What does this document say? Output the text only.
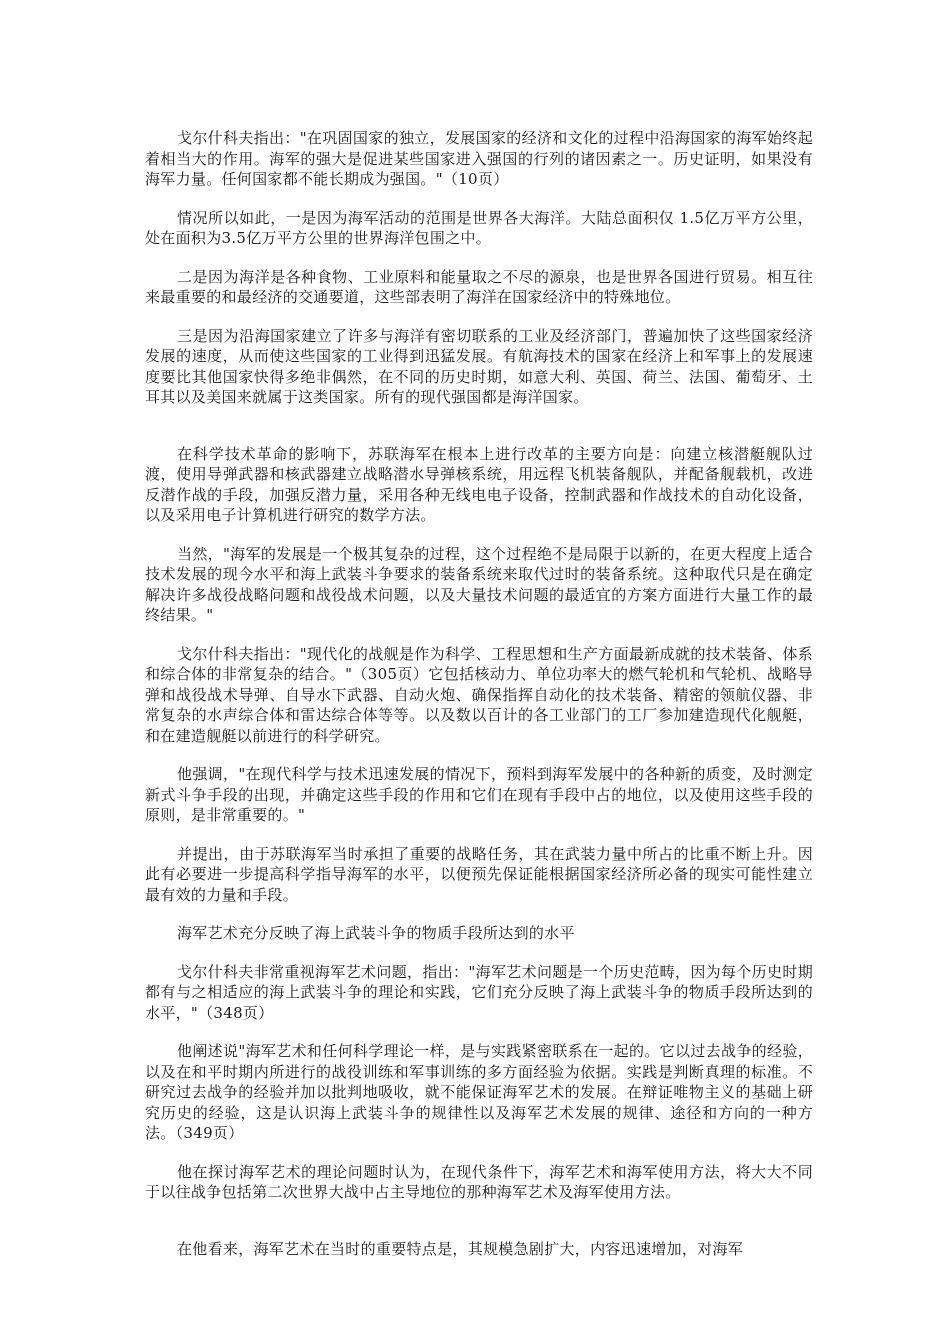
戈尔什科夫指出："在巩固国家的独立，发展国家的经济和文化的过程中沿海国家的海军始终起着相当大的作用。海军的强大是促进某些国家进入强国的行列的诸因素之一。历史证明，如果没有海军力量。任何国家都不能长期成为强国。"（10页）

情况所以如此，一是因为海军活动的范围是世界各大海洋。大陆总面积仅 1.5亿万平方公里，处在面积为3.5亿万平方公里的世界海洋包围之中。

二是因为海洋是各种食物、工业原料和能量取之不尽的源泉，也是世界各国进行贸易。相互往来最重要的和最经济的交通要道，这些部表明了海洋在国家经济中的特殊地位。

三是因为沿海国家建立了许多与海洋有密切联系的工业及经济部门，普遍加快了这些国家经济发展的速度，从而使这些国家的工业得到迅猛发展。有航海技术的国家在经济上和军事上的发展速度要比其他国家快得多绝非偶然，在不同的历史时期，如意大利、英国、荷兰、法国、葡萄牙、土耳其以及美国来就属于这类国家。所有的现代强国都是海洋国家。

在科学技术革命的影响下，苏联海军在根本上进行改革的主要方向是：向建立核潜艇舰队过渡，使用导弹武器和核武器建立战略潜水导弹核系统，用远程飞机装备舰队，并配备舰载机，改进反潜作战的手段，加强反潜力量，采用各种无线电电子设备，控制武器和作战技术的自动化设备，以及采用电子计算机进行研究的数学方法。

当然，"海军的发展是一个极其复杂的过程，这个过程绝不是局限于以新的，在更大程度上适合技术发展的现今水平和海上武装斗争要求的装备系统来取代过时的装备系统。这种取代只是在确定解决许多战役战略问题和战役战术问题，以及大量技术问题的最适宜的方案方面进行大量工作的最终结果。"

戈尔什科夫指出："现代化的战舰是作为科学、工程思想和生产方面最新成就的技术装备、体系和综合体的非常复杂的结合。"（305页）它包括核动力、单位功率大的燃气轮机和气轮机、战略导弹和战役战术导弹、自导水下武器、自动火炮、确保指挥自动化的技术装备、精密的领航仪器、非常复杂的水声综合体和雷达综合体等等。以及数以百计的各工业部门的工厂参加建造现代化舰艇，和在建造舰艇以前进行的科学研究。

他强调，"在现代科学与技术迅速发展的情况下，预料到海军发展中的各种新的质变，及时测定新式斗争手段的出现，并确定这些手段的作用和它们在现有手段中占的地位，以及使用这些手段的原则，是非常重要的。"

并提出，由于苏联海军当时承担了重要的战略任务，其在武装力量中所占的比重不断上升。因此有必要进一步提高科学指导海军的水平，以便预先保证能根据国家经济所必备的现实可能性建立最有效的力量和手段。

海军艺术充分反映了海上武装斗争的物质手段所达到的水平

戈尔什科夫非常重视海军艺术问题，指出："海军艺术问题是一个历史范畴，因为每个历史时期都有与之相适应的海上武装斗争的理论和实践，它们充分反映了海上武装斗争的物质手段所达到的水平，"（348页）

他阐述说"海军艺术和任何科学理论一样，是与实践紧密联系在一起的。它以过去战争的经验，以及在和平时期内所进行的战役训练和军事训练的多方面经验为依据。实践是判断真理的标准。不研究过去战争的经验并加以批判地吸收，就不能保证海军艺术的发展。在辩证唯物主义的基础上研究历史的经验，这是认识海上武装斗争的规律性以及海军艺术发展的规律、途径和方向的一种方法。（349页）

他在探讨海军艺术的理论问题时认为，在现代条件下，海军艺术和海军使用方法，将大大不同于以往战争包括第二次世界大战中占主导地位的那种海军艺术及海军使用方法。

在他看来，海军艺术在当时的重要特点是，其规模急剧扩大，内容迅速增加，对海军
